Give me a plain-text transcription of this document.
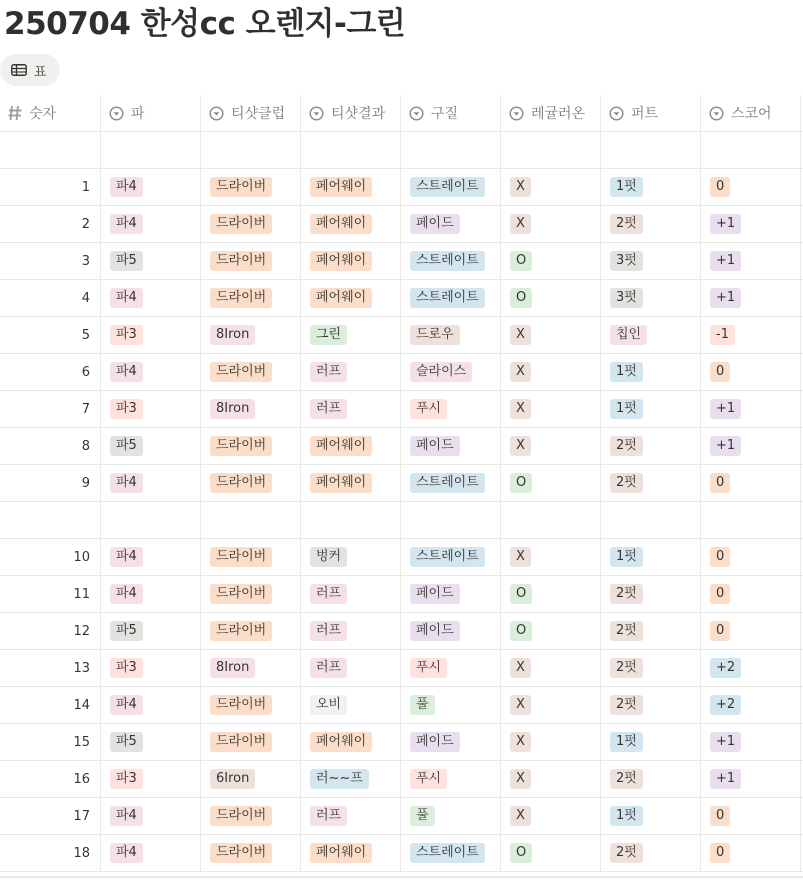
250704 한성cc 오렌지-그린
표
숫자	파	티샷클럽	티샷결과	구질	레귤러온	퍼트	스코어
1	파4	드라이버	페어웨이	스트레이트	X	1펏	0
2	파4	드라이버	페어웨이	페이드	X	2펏	+1
3	파5	드라이버	페어웨이	스트레이트	O	3펏	+1
4	파4	드라이버	페어웨이	스트레이트	O	3펏	+1
5	파3	8Iron	그린	드로우	X	칩인	-1
6	파4	드라이버	러프	슬라이스	X	1펏	0
7	파3	8Iron	러프	푸시	X	1펏	+1
8	파5	드라이버	페어웨이	페이드	X	2펏	+1
9	파4	드라이버	페어웨이	스트레이트	O	2펏	0
10	파4	드라이버	벙커	스트레이트	X	1펏	0
11	파4	드라이버	러프	페이드	O	2펏	0
12	파5	드라이버	러프	페이드	O	2펏	0
13	파3	8Iron	러프	푸시	X	2펏	+2
14	파4	드라이버	오비	풀	X	2펏	+2
15	파5	드라이버	페어웨이	페이드	X	1펏	+1
16	파3	6Iron	러~~프	푸시	X	2펏	+1
17	파4	드라이버	러프	풀	X	1펏	0
18	파4	드라이버	페어웨이	스트레이트	O	2펏	0
